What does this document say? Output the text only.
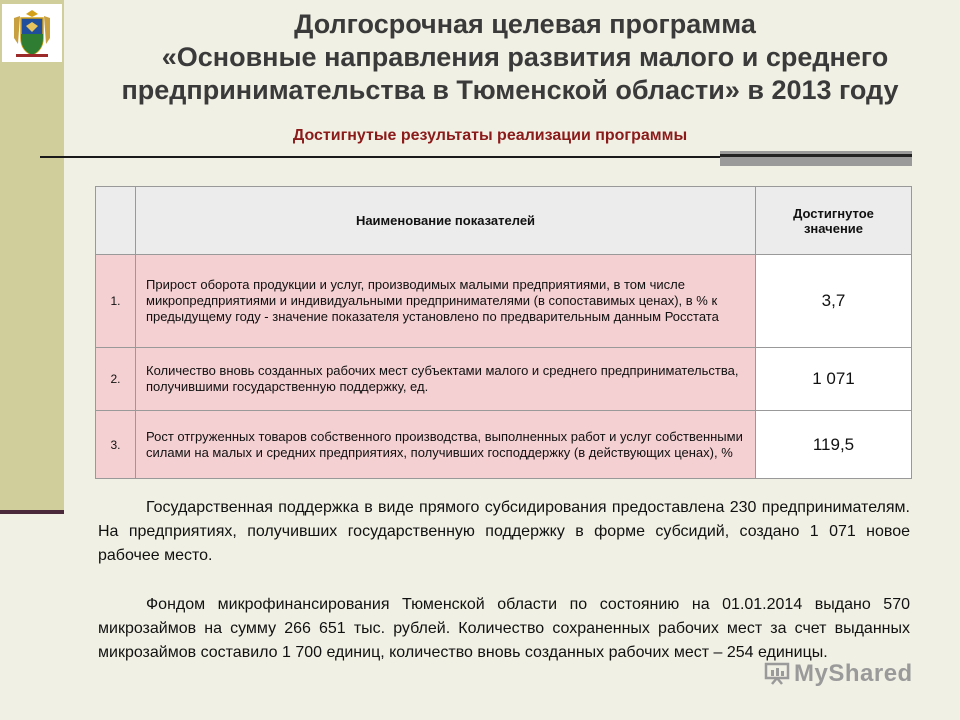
Долгосрочная целевая программа
«Основные направления развития малого и среднего
предпринимательства в Тюменской области» в 2013 году
Достигнутые результаты реализации программы
	Наименование показателей	Достигнутое значение
1.	Прирост оборота продукции и услуг, производимых малыми предприятиями, в том числе микропредприятиями и индивидуальными предпринимателями (в сопоставимых ценах), в % к предыдущему году - значение показателя установлено по предварительным данным Росстата	3,7
2.	Количество вновь созданных рабочих мест субъектами малого и среднего предпринимательства, получившими государственную поддержку, ед.	1 071
3.	Рост отгруженных товаров собственного производства, выполненных работ и услуг собственными силами на малых и средних предприятиях, получивших господдержку (в действующих ценах), %	119,5

Государственная поддержка в виде прямого субсидирования предоставлена 230 предпринимателям. На предприятиях, получивших государственную поддержку в форме субсидий, создано 1 071 новое рабочее место.

Фондом микрофинансирования Тюменской области по состоянию на 01.01.2014 выдано 570 микрозаймов на сумму 266 651 тыс. рублей. Количество сохраненных рабочих мест за счет выданных микрозаймов составило 1 700 единиц, количество вновь созданных рабочих мест – 254 единицы.

MyShared
